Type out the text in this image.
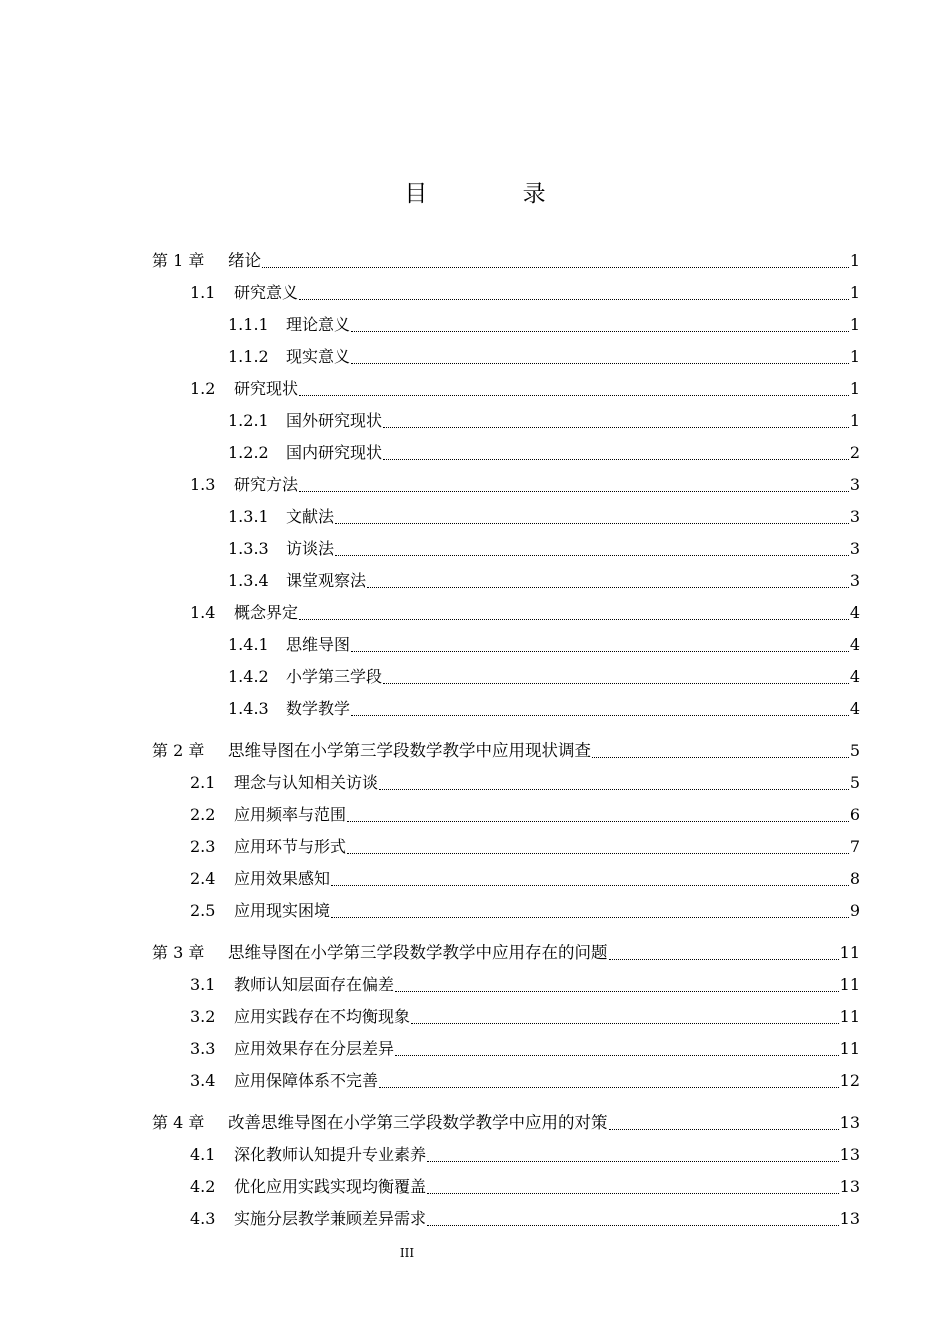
目 录
第 1 章	绪论	1
1.1	研究意义	1
1.1.1	理论意义	1
1.1.2	现实意义	1
1.2	研究现状	1
1.2.1	国外研究现状	1
1.2.2	国内研究现状	2
1.3	研究方法	3
1.3.1	文献法	3
1.3.3	访谈法	3
1.3.4	课堂观察法	3
1.4	概念界定	4
1.4.1	思维导图	4
1.4.2	小学第三学段	4
1.4.3	数学教学	4
第 2 章	思维导图在小学第三学段数学教学中应用现状调查	5
2.1	理念与认知相关访谈	5
2.2	应用频率与范围	6
2.3	应用环节与形式	7
2.4	应用效果感知	8
2.5	应用现实困境	9
第 3 章	思维导图在小学第三学段数学教学中应用存在的问题	11
3.1	教师认知层面存在偏差	11
3.2	应用实践存在不均衡现象	11
3.3	应用效果存在分层差异	11
3.4	应用保障体系不完善	12
第 4 章	改善思维导图在小学第三学段数学教学中应用的对策	13
4.1	深化教师认知提升专业素养	13
4.2	优化应用实践实现均衡覆盖	13
4.3	实施分层教学兼顾差异需求	13
III
